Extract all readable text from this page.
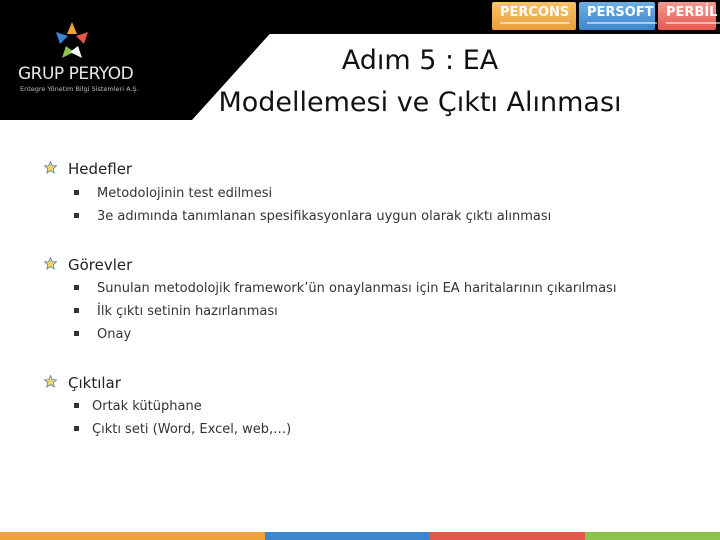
PERCONS	PERSOFT PERBİL
GRUP PERYOD
Entegre Yönetim Bilgi Sistemleri A.Ş.
Adım 5 : EA
Modellemesi ve Çıktı Alınması
Hedefler
Metodolojinin test edilmesi
3e adımında tanımlanan spesifikasyonlara uygun olarak çıktı alınması
Görevler
Sunulan metodolojik framework’ün onaylanması için EA haritalarının çıkarılması
İlk çıktı setinin hazırlanması
Onay
Çıktılar
Ortak kütüphane
Çıktı seti (Word, Excel, web,…)
